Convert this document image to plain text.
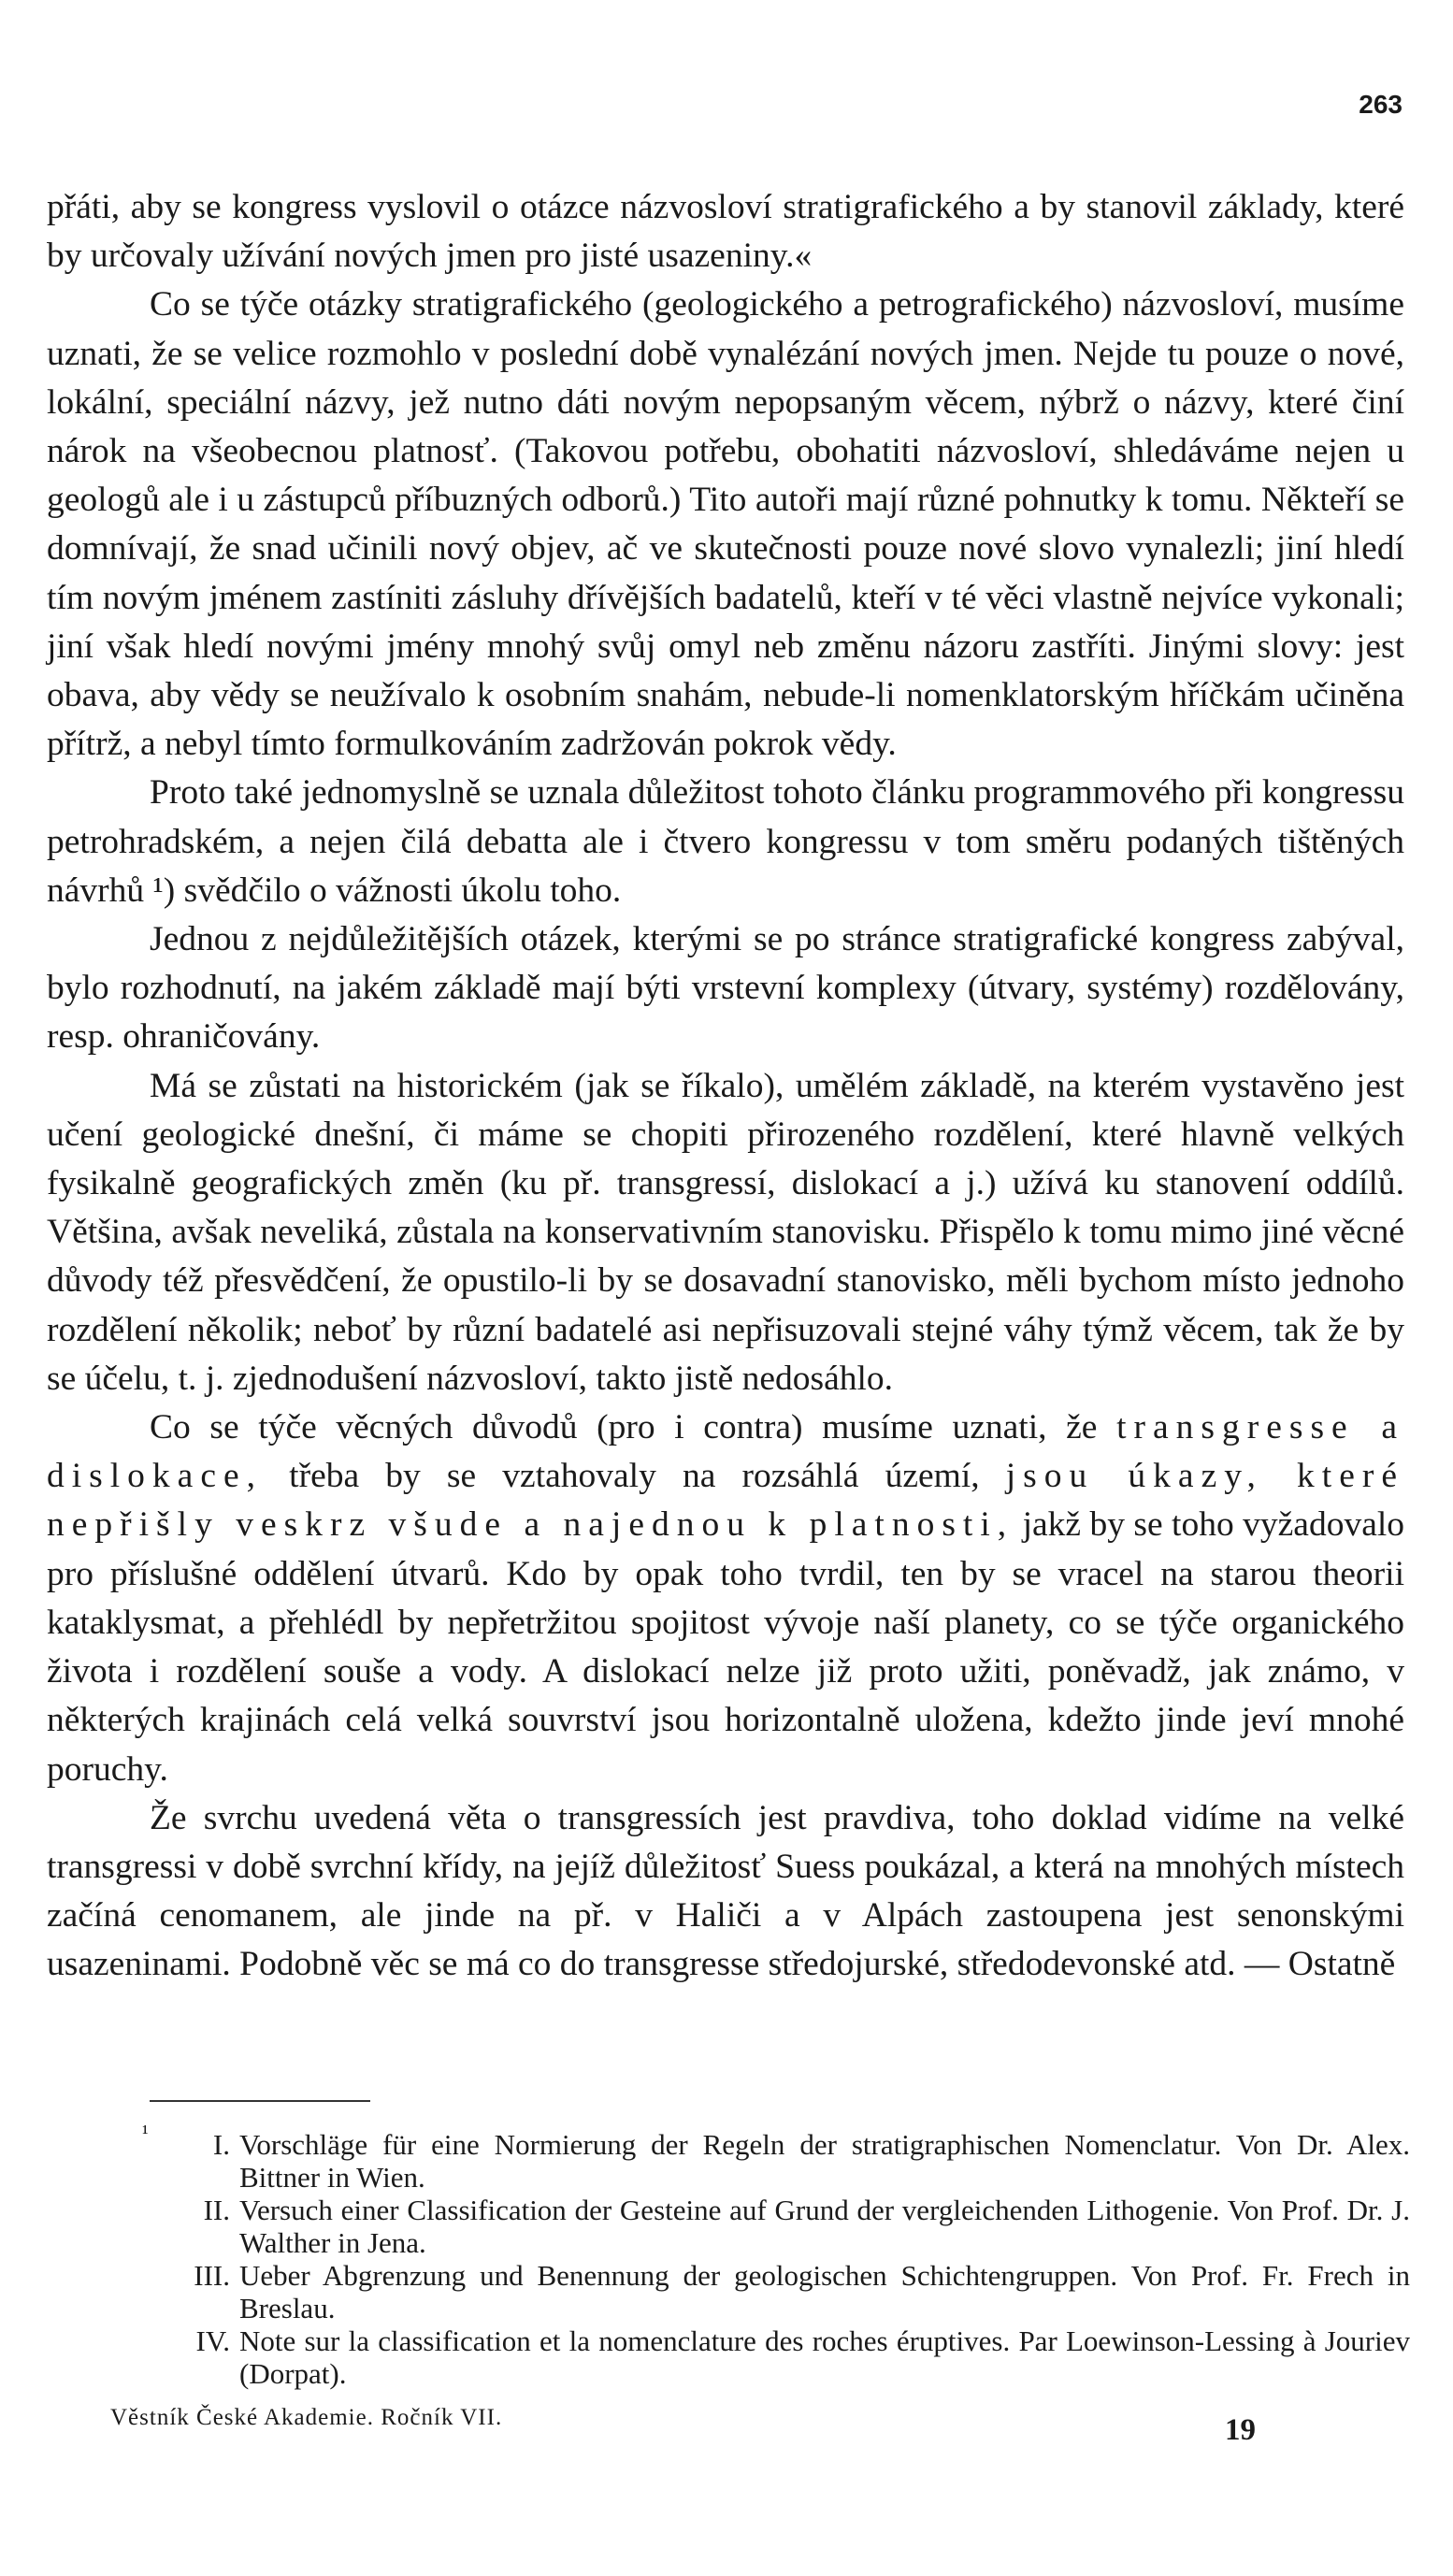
263

přáti, aby se kongress vyslovil o otázce názvosloví stratigrafického a by stanovil základy, které by určovaly užívání nových jmen pro jisté usazeniny.«

Co se týče otázky stratigrafického (geologického a petrografického) názvosloví, musíme uznati, že se velice rozmohlo v poslední době vynalézání nových jmen. Nejde tu pouze o nové, lokální, speciální názvy, jež nutno dáti novým nepopsaným věcem, nýbrž o názvy, které činí nárok na všeobecnou platnosť. (Takovou potřebu, obohatiti názvosloví, shledáváme nejen u geologů ale i u zástupců příbuzných odborů.) Tito autoři mají různé pohnutky k tomu. Někteří se domnívají, že snad učinili nový objev, ač ve skutečnosti pouze nové slovo vynalezli; jiní hledí tím novým jménem zastíniti zásluhy dřívějších badatelů, kteří v té věci vlastně nejvíce vykonali; jiní však hledí novými jmény mnohý svůj omyl neb změnu názoru zastříti. Jinými slovy: jest obava, aby vědy se neužívalo k osobním snahám, nebude-li nomenklatorským hříčkám učiněna přítrž, a nebyl tímto formulkováním zadržován pokrok vědy.

Proto také jednomyslně se uznala důležitost tohoto článku programmového při kongressu petrohradském, a nejen čilá debatta ale i čtvero kongressu v tom směru podaných tištěných návrhů ¹) svědčilo o vážnosti úkolu toho.

Jednou z nejdůležitějších otázek, kterými se po stránce stratigrafické kongress zabýval, bylo rozhodnutí, na jakém základě mají býti vrstevní komplexy (útvary, systémy) rozdělovány, resp. ohraničovány.

Má se zůstati na historickém (jak se říkalo), umělém základě, na kterém vystavěno jest učení geologické dnešní, či máme se chopiti přirozeného rozdělení, které hlavně velkých fysikalně geografických změn (ku př. transgressí, dislokací a j.) užívá ku stanovení oddílů. Většina, avšak neveliká, zůstala na konservativním stanovisku. Přispělo k tomu mimo jiné věcné důvody též přesvědčení, že opustilo-li by se dosavadní stanovisko, měli bychom místo jednoho rozdělení několik; neboť by různí badatelé asi nepřisuzovali stejné váhy týmž věcem, tak že by se účelu, t. j. zjednodušení názvosloví, takto jistě nedosáhlo.

Co se týče věcných důvodů (pro i contra) musíme uznati, že transgresse a dislokace, třeba by se vztahovaly na rozsáhlá území, jsou úkazy, které nepřišly veskrz všude a najednou k platnosti, jakž by se toho vyžadovalo pro příslušné oddělení útvarů. Kdo by opak toho tvrdil, ten by se vracel na starou theorii kataklysmat, a přehlédl by nepřetržitou spojitost vývoje naší planety, co se týče organického života i rozdělení souše a vody. A dislokací nelze již proto užiti, poněvadž, jak známo, v některých krajinách celá velká souvrství jsou horizontalně uložena, kdežto jinde jeví mnohé poruchy.

Že svrchu uvedená věta o transgressích jest pravdiva, toho doklad vidíme na velké transgressi v době svrchní křídy, na jejíž důležitosť Suess poukázal, a která na mnohých místech začíná cenomanem, ale jinde na př. v Haliči a v Alpách zastoupena jest senonskými usazeninami. Podobně věc se má co do transgresse středojurské, středodevonské atd. — Ostatně

¹	I. Vorschläge für eine Normierung der Regeln der stratigraphischen Nomenclatur. Von Dr. Alex. Bittner in Wien.
II. Versuch einer Classification der Gesteine auf Grund der vergleichenden Lithogenie. Von Prof. Dr. J. Walther in Jena.
III. Ueber Abgrenzung und Benennung der geologischen Schichtengruppen. Von Prof. Fr. Frech in Breslau.
IV. Note sur la classification et la nomenclature des roches éruptives. Par Loewinson-Lessing à Jouriev (Dorpat).
Věstník České Akademie. Ročník VII.	19
